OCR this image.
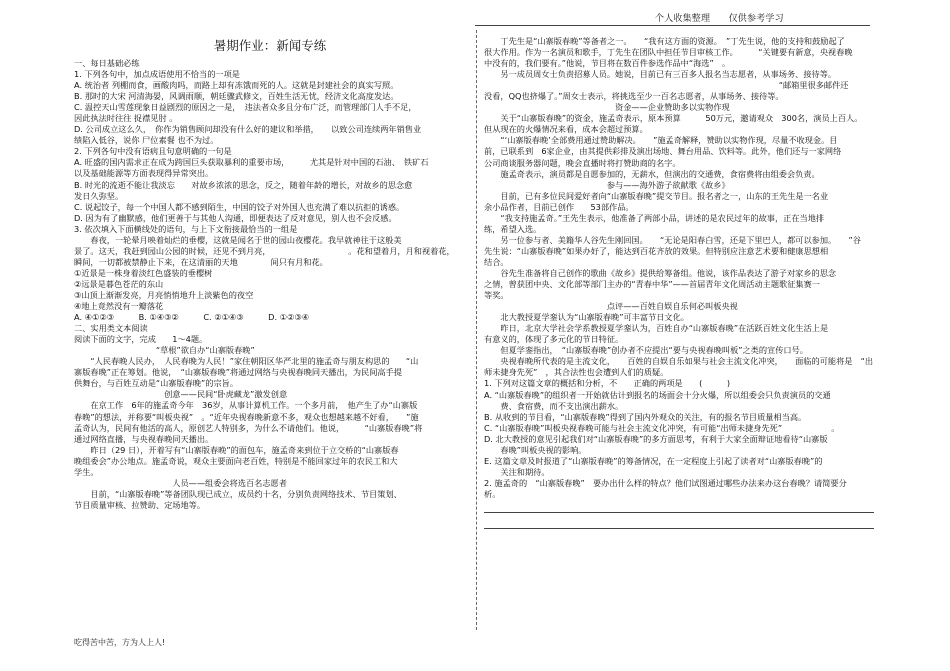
个人收集整理　　仅供参考学习
暑期作业：新闻专练
一、每日基础必练
1. 下列各句中，加点成语使用不恰当的一项是
A. 统治者 列棚而食，画酸肉吗，而路上却有冻饿而死的人。这就是封建社会的真实写照。
B. 那时的大宋 河清海晏，风调雨顺，朝廷骤武修文，百姓生活无忧，经济文化高度发达。
C. 温控天山雪莲现象日益剧烈的原因之一是，　违法者众多且分布广泛，而管理部门人手不足，
因此执法时往往 捉襟见肘 。
D. 公司成立这么久，　你作为销售顾问却没有什么好的建议和举措，　　以致公司连续两年销售业
绩陷入低谷，说你 尸位素餐 也不为过。
2. 下列各句中没有语病且句意明确的一句是
A. 旺盛的国内需求正在成为跨国巨头获取暴利的重要市场，　　　尤其是针对中国的石油、　铁矿石
以及基础能源等方面表现得异常突出。
B. 时光的流逝不能让我淡忘　　对故乡浓浓的思念，反之，随着年龄的增长，对故乡的思念愈
发日久弥坚。
C. 说起饺子，每一个中国人都不感到陌生，中国的饺子对外国人也充满了难以抗拒的诱惑。
D. 因为有了幽默感，他们更善于与其他人沟通，即便表达了反对意见，别人也不会反感。
3. 依次填入下面横线处的语句，与上下文衔接最恰当的一组是
　　春夜，一轮晕月映着灿烂的垂樱，这就是闻名于世的园山夜樱花。我早就神往于这般美
景了。这天，我赶到园山公园的时候，还见不到月亮，　　　　　　　　　　。花和望着月，月和视着花，
瞬间，一切都被禁静止下来，在这清丽的天地　　　　间只有月和花。
①近景是一株身着淡红色盛装的垂樱树
②远景是暮色苍茫的东山
③山顶上渐渐发亮，月亮悄悄地升上淡紫色的夜空
④地上竟然没有一瓣落花
A. ④①②③　　　B. ①④③②　　　C. ②①④③　　　D. ①②③④
二、实用类文本阅读
阅读下面的文字，完成　　1～4题。
　　　　　　　　　　“草根”欲自办“山寨版春晚”
　　“人民春晚人民办，　人民春晚为人民！”家住朝阳区华严北里的施孟奇与朋友构思的　　“山
寨版春晚”正在筹划。他说，　“山寨版春晚”将通过网络与央视春晚同天播出，为民间高手提
供舞台，与百姓互动是“山寨版春晚”的宗旨。
　　　　　　　　　　　创意——民间“卧虎藏龙”激发创意
　　在京工作　6年的施孟奇今年　36岁，从事计算机工作。一个多月前，　他产生了办“山寨版
春晚”的想法，并称要“叫板央视”　。“近年央视春晚新意不多，观众也想越来越不好看，　　”施
孟奇认为，民间有他活的高人，原创艺人特别多，为什么不请他们。他说，　　　“山寨版春晚”将
通过网络直播，与央视春晚同天播出。
　　昨日（29 日），开着写有“山寨版春晚”的面包车，施孟奇来到位于立交桥的“山寨版春
晚组委会”办公地点。施孟奇说，观众主要面向老百姓，特别是不能回家过年的农民工和大
学生。
　　　　　　　　　　　　人员——组委会将选百名志愿者
　　目前，“山寨版春晚”等备团队现已成立，成员约十名，分别负责网络技术、节目策划、
节目质量审核、拉赞助、定场地等。
　　丁先生是“山寨版春晚”等备者之一。　　“我有这方面的资源。　”丁先生说，他的支持和鼓励起了
很大作用。作为一名演员和歌手，丁先生在团队中担任节目审核工作。　　　“关键要有新意，央视春晚
中没有的，我们要有。”他说，节目将在数百件参选作品中“海选”　。
　　另一成员周女士负责招募人员。她说，目前已有三百多人报名当志愿者，从事场务、接待等。
　　　　　　　　　　　　　　　　　　　　　　　　　　　　　　　　　　　　“邮箱里很多邮件还
没看，QQ也挤爆了。”周女士表示，将挑选至少一百名志愿者，从事场务、接待等。
　　　　　　　　　　　　　　　　资金——企业赞助多以实物作现
　　关于“山寨版春晚”的资金，施孟奇表示，原本预算　　　50万元，邀请观众　300名，演员上百人。
但从现在的火爆情况来看，成本会超过预算。
　　“‘山寨版春晚’全部费用通过赞助解决。　　”施孟奇解释，赞助以实物作现，尽量不收现金。目
前，已联系到　6家企业，由其提供彩排及演出场地、舞台用品、饮料等。此外，他们还与一家网络
公司商谈服务器问题，晚会直播时将打赞助商的名字。
　　施孟奇表示，演员都是自愿参加的，无薪水，但演出的交通费，食宿费将由组委会负责。
　　　　　　　　　　　　　　　参与——海外游子欲献歌《故乡》
　　目前，已有多位民间爱好者向“山寨版春晚”提交节目。报名者之一，山东的王先生是一名业
余小品作者，目前已创作　　53部作品。
　　“我支持施孟奇。”王先生表示，他准备了两部小品，讲述的是农民过年的故事，正在当地排
练，希望入选。
　　另一位参与者、美籍华人谷先生刚回国。　　“无论是阳春白雪，还是下里巴人，都可以参加。　　”谷
先生说：“山寨版春晚”如果办好了，能达到百花齐放的效果。但特别应注意艺术要和健康思想相
结合。
　　谷先生准备将自己创作的歌曲《故乡》提供给筹备组。他说，该作品表达了游子对家乡的思念
之情，曾获团中央、文化部等部门主办的“青春中华”——首届青年文化周活动主题歌征集赛一
等奖。
　　　　　　　　　　　　　　　点评——百姓自娱自乐何必叫板央视
　　北大教授夏学銮认为“山寨版春晚”可丰富节日文化。
　　昨日，北京大学社会学系教授夏学銮认为，百姓自办“山寨版春晚”在活跃百姓文化生活上是
有意义的，体现了多元化的节日特征。
　　但夏学銮指出，　“山寨版春晚”创办者不应提出“要与央视春晚叫板”之类的宣传口号。
　　央视春晚所代表的是主流文化，　　百姓的自娱自乐如果与社会主流文化冲突，　　面临的可能将是　“出
师未捷身先死”　，其合法性也会遭到人们的质疑。
1. 下列对这篇文章的概括和分析，不　　正确的两项是　　(　　　)
A. “山寨版春晚”的组织者一开始就估计到报名的场面会十分火爆，所以组委会只负责演员的交通
　　费、食宿费，而不支出演出薪水。
B. 从收到的节目看，“山寨版春晚”得到了国内外观众的关注，有的报名节目质量相当高。
C. “山寨版春晚”叫板央视春晚可能与社会主流文化冲突，有可能“出师未捷身先死”　　　　　　。
D. 北大教授的意见引起我们对“山寨版春晚”的多方面思考，有利于大家全面辩证地看待“山寨版
　　春晚”叫板央视的影响。
E. 这篇文章及时报道了“山寨版春晚”的筹备情况，在一定程度上引起了读者对“山寨版春晚”的
　　关注和期待。
2. 施孟奇的　“山寨版春晚”　要办出什么样的特点？他们试图通过哪些办法来办这台春晚？请简要分
析。
吃得苦中苦，方为人上人!
